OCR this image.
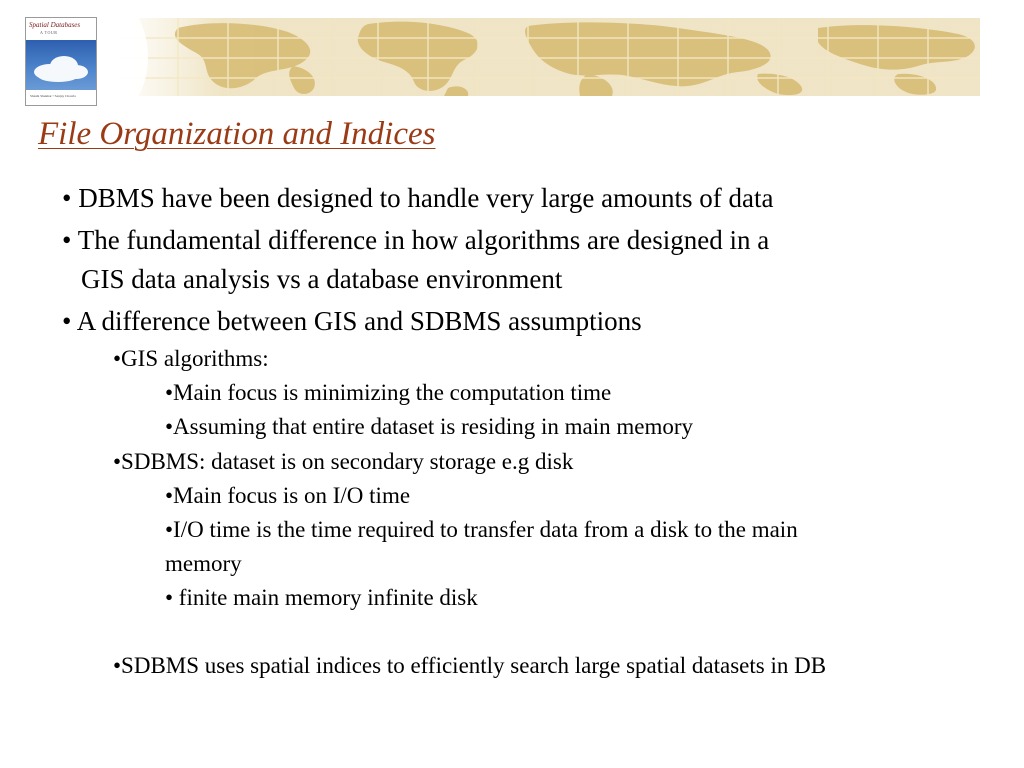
Spatial Databases
A TOUR
Shashi Shekhar • Sanjay Chawla
File Organization and Indices
• DBMS have been designed to handle very large amounts of data
• The fundamental difference in how algorithms are designed in a
GIS data analysis vs a database environment
• A difference between GIS and SDBMS assumptions
•GIS algorithms:
•Main focus is minimizing the computation time
•Assuming that entire dataset is residing in main memory
•SDBMS: dataset is on secondary storage e.g disk
•Main focus is on I/O time
•I/O time is the time required to transfer data from a disk to the main
memory
• finite main memory infinite disk
•SDBMS uses spatial indices to efficiently search large spatial datasets in DB
